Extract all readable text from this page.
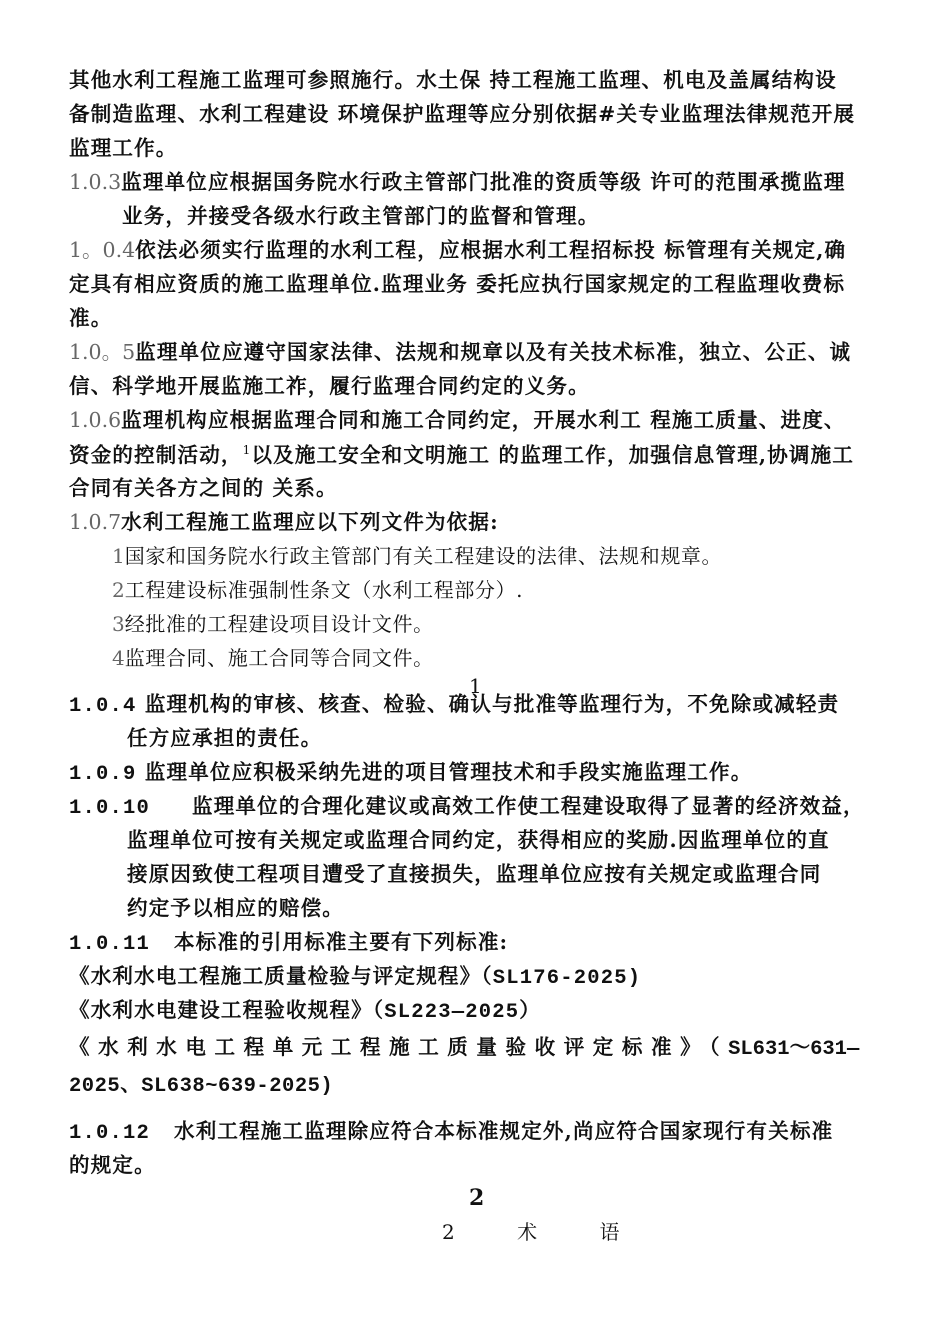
其他水利工程施工监理可参照施行。水土保 持工程施工监理、机电及盖属结构设
备制造监理、水利工程建设 环境保护监理等应分别依据#关专业监理法律规范开展
监理工作。
1.0.3监理单位应根据国务院水行政主管部门批准的资质等级 许可的范围承揽监理
业务，并接受各级水行政主管部门的监督和管理。
1。0.4依法必须实行监理的水利工程，应根据水利工程招标投 标管理有关规定,确
定具有相应资质的施工监理单位.监理业务 委托应执行国家规定的工程监理收费标
准。
1.0。5监理单位应遵守国家法律、法规和规章以及有关技术标准，独立、公正、诚
信、科学地开展监施工祚，履行监理合同约定的义务。
1.0.6监理机构应根据监理合同和施工合同约定，开展水利工 程施工质量、进度、
资金的控制活动，$^1$以及施工安全和文明施工 的监理工作，加强信息管理,协调施工
合同有关各方之间的 关系。
1.0.7水利工程施工监理应以下列文件为依据:
1国家和国务院水行政主管部门有关工程建设的法律、法规和规章。
2工程建设标准强制性条文（水利工程部分）.
3经批准的工程建设项目设计文件。
4监理合同、施工合同等合同文件。
1
1.0.4 监理机构的审核、核查、检验、确认与批准等监理行为，不免除或减轻责
任方应承担的责任。
1.0.9 监理单位应积极采纳先进的项目管理技术和手段实施监理工作。
1.0.10 监理单位的合理化建议或高效工作使工程建设取得了显著的经济效益，
监理单位可按有关规定或监理合同约定，获得相应的奖励.因监理单位的直
接原因致使工程项目遭受了直接损失，监理单位应按有关规定或监理合同
约定予以相应的赔偿。
1.0.11 本标准的引用标准主要有下列标准:
《水利水电工程施工质量检验与评定规程》（SL176-2025)
《水利水电建设工程验收规程》（SL223—2025）
《水利水电工程单元工程施工质量验收评定标准》（SL631～631—
2025、SL638~639-2025)
1.0.12 水利工程施工监理除应符合本标准规定外,尚应符合国家现行有关标准
的规定。
2
2 术 语
